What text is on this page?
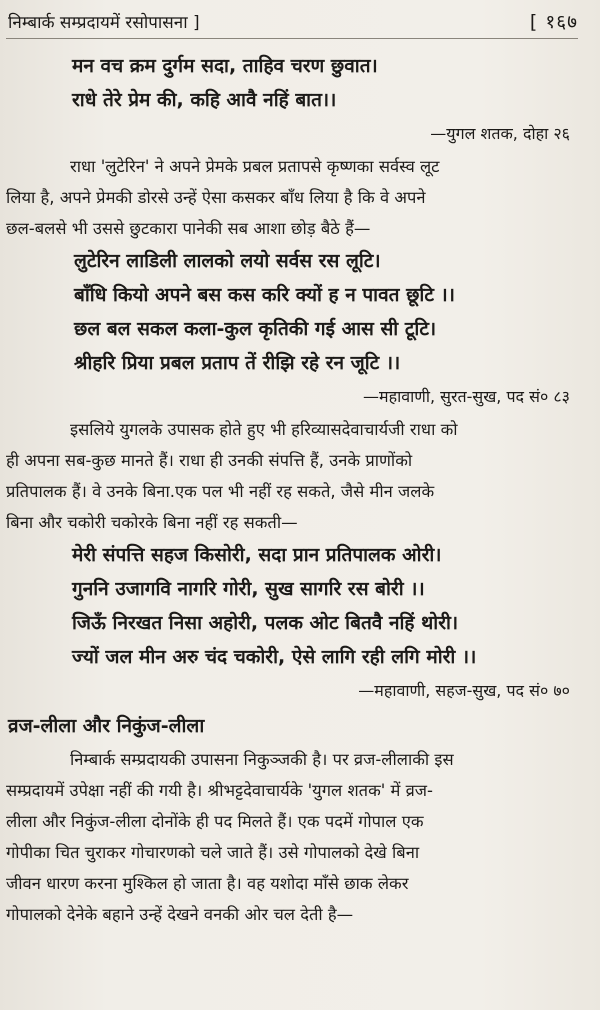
निम्बार्क सम्प्रदायमें रसोपासना ]	[ १६७
मन वच क्रम दुर्गम सदा, ताहिव चरण छुवात।
राधे तेरे प्रेम की, कहि आवै नहिं बात।।
—युगल शतक, दोहा २६

राधा 'लुटेरिन' ने अपने प्रेमके प्रबल प्रतापसे कृष्णका सर्वस्व लूट
लिया है, अपने प्रेमकी डोरसे उन्हें ऐसा कसकर बाँध लिया है कि वे अपने
छल-बलसे भी उससे छुटकारा पानेकी सब आशा छोड़ बैठे हैं—

लुटेरिन लाडिली लालको लयो सर्वस रस लूटि।
बाँधि कियो अपने बस कस करि क्यों ह न पावत छूटि ।।
छल बल सकल कला-कुल कृतिकी गई आस सी टूटि।
श्रीहरि प्रिया प्रबल प्रताप तें रीझि रहे रन जूटि ।।
—महावाणी, सुरत-सुख, पद सं० ८३

इसलिये युगलके उपासक होते हुए भी हरिव्यासदेवाचार्यजी राधा को
ही अपना सब-कुछ मानते हैं। राधा ही उनकी संपत्ति हैं, उनके प्राणोंको
प्रतिपालक हैं। वे उनके बिना.एक पल भी नहीं रह सकते, जैसे मीन जलके
बिना और चकोरी चकोरके बिना नहीं रह सकती—

मेरी संपत्ति सहज किसोरी, सदा प्रान प्रतिपालक ओरी।
गुननि उजागवि नागरि गोरी, सुख सागरि रस बोरी ।।
जिऊँ निरखत निसा अहोरी, पलक ओट बितवै नहिं थोरी।
ज्यों जल मीन अरु चंद चकोरी, ऐसे लागि रही लगि मोरी ।।
—महावाणी, सहज-सुख, पद सं० ७०
व्रज-लीला और निकुंज-लीला

निम्बार्क सम्प्रदायकी उपासना निकुञ्जकी है। पर व्रज-लीलाकी इस
सम्प्रदायमें उपेक्षा नहीं की गयी है। श्रीभट्टदेवाचार्यके 'युगल शतक' में व्रज-
लीला और निकुंज-लीला दोनोंके ही पद मिलते हैं। एक पदमें गोपाल एक
गोपीका चित चुराकर गोचारणको चले जाते हैं। उसे गोपालको देखे बिना
जीवन धारण करना मुश्किल हो जाता है। वह यशोदा माँसे छाक लेकर
गोपालको देनेके बहाने उन्हें देखने वनकी ओर चल देती है—
